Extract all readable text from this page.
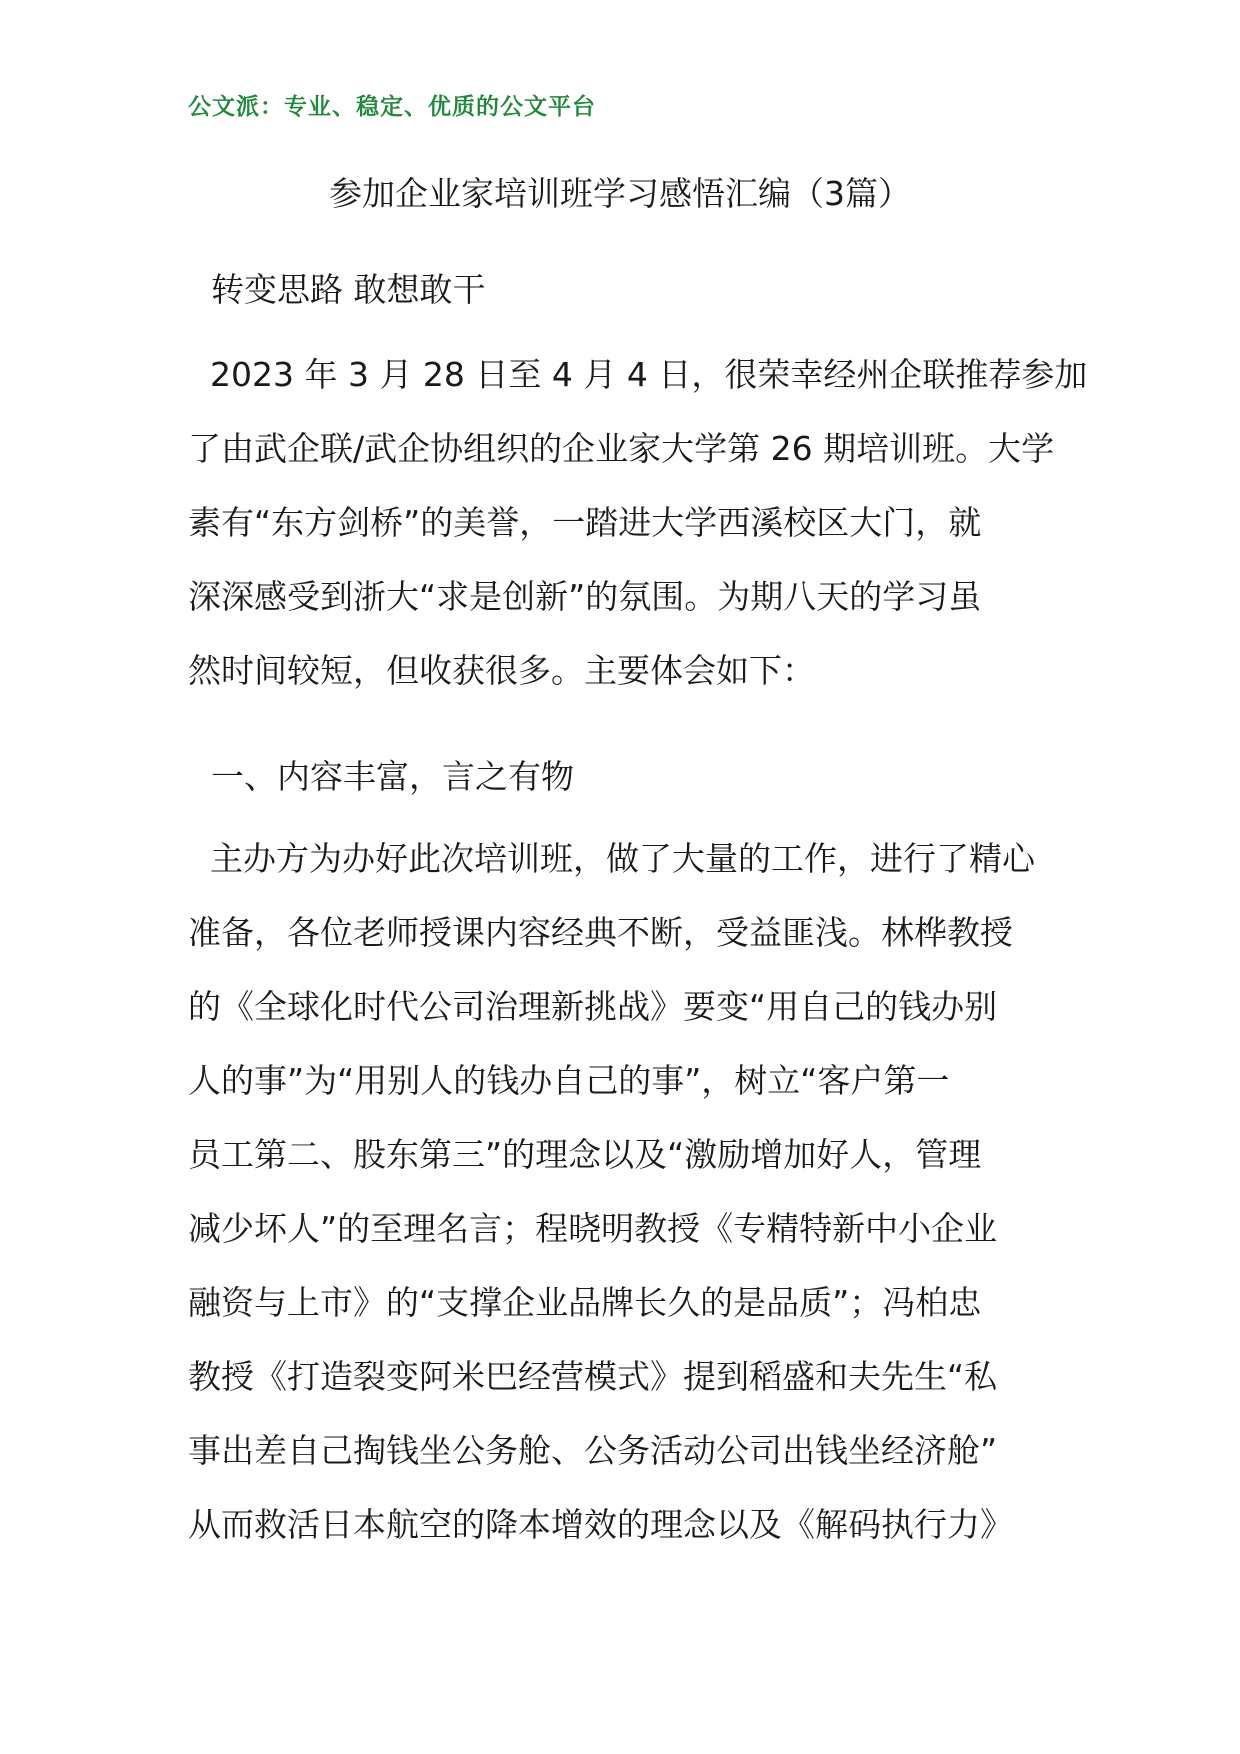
公文派：专业、稳定、优质的公文平台
参加企业家培训班学习感悟汇编（3篇）
转变思路 敢想敢干
2023 年 3 月 28 日至 4 月 4 日，很荣幸经州企联推荐参加
了由武企联/武企协组织的企业家大学第 26 期培训班。大学
素有“东方剑桥”的美誉，一踏进大学西溪校区大门，就
深深感受到浙大“求是创新”的氛围。为期八天的学习虽
然时间较短，但收获很多。主要体会如下：
一、内容丰富，言之有物
主办方为办好此次培训班，做了大量的工作，进行了精心
准备，各位老师授课内容经典不断，受益匪浅。林桦教授
的《全球化时代公司治理新挑战》要变“用自己的钱办别
人的事”为“用别人的钱办自己的事”，树立“客户第一
员工第二、股东第三”的理念以及“激励增加好人，管理
减少坏人”的至理名言；程晓明教授《专精特新中小企业
融资与上市》的“支撑企业品牌长久的是品质”；冯柏忠
教授《打造裂变阿米巴经营模式》提到稻盛和夫先生“私
事出差自己掏钱坐公务舱、公务活动公司出钱坐经济舱”
从而救活日本航空的降本增效的理念以及《解码执行力》
